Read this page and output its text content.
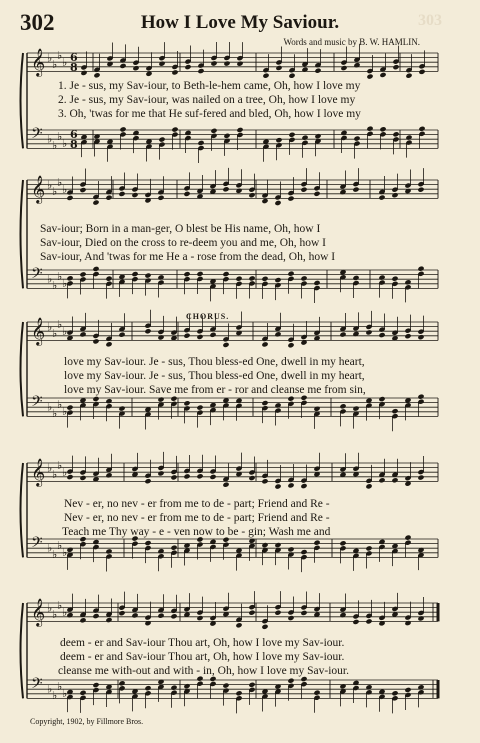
302	How I Love My Saviour.	303
Words and music by B. W. HAMLIN.
𝄞
𝄢
♭
♭
♭
♭
♭
♭
♭
♭
6
8
6
8
𝄞
𝄢
♭
♭
♭
♭
♭
♭
♭
♭
𝄞
𝄢
♭
♭
♭
♭
♭
♭
♭
♭
𝄞
𝄢
♭
♭
♭
♭
♭
♭
♭
♭
𝄞
𝄢
♭
♭
♭
♭
♭
♭
♭
♭
1. Je - sus, my Sav-iour, to Beth-le-hem came, Oh, how I love my
2. Je - sus, my Sav-iour, was nailed on a tree, Oh, how I love my
3. Oh, 'twas for me that He suf-fered and bled, Oh, how I love my
Sav-iour; Born in a man-ger, O blest be His name, Oh, how I
Sav-iour, Died on the cross to re-deem you and me, Oh, how I
Sav-iour, And 'twas for me He a - rose from the dead, Oh, how I
CHORUS.
love my Sav-iour. Je - sus, Thou bless-ed One, dwell in my heart,
love my Sav-iour. Je - sus, Thou bless-ed One, dwell in my heart,
love my Sav-iour. Save me from er - ror and cleanse me from sin,
Nev - er, no nev - er from me to de - part; Friend and Re -
Nev - er, no nev - er from me to de - part; Friend and Re -
Teach me Thy way - e - ven now to be - gin; Wash me and
deem - er and Sav-iour Thou art, Oh, how I love my Sav-iour.
deem - er and Sav-iour Thou art, Oh, how I love my Sav-iour.
cleanse me with-out and with - in, Oh, how I love my Sav-iour.
Copyright, 1902, by Fillmore Bros.
